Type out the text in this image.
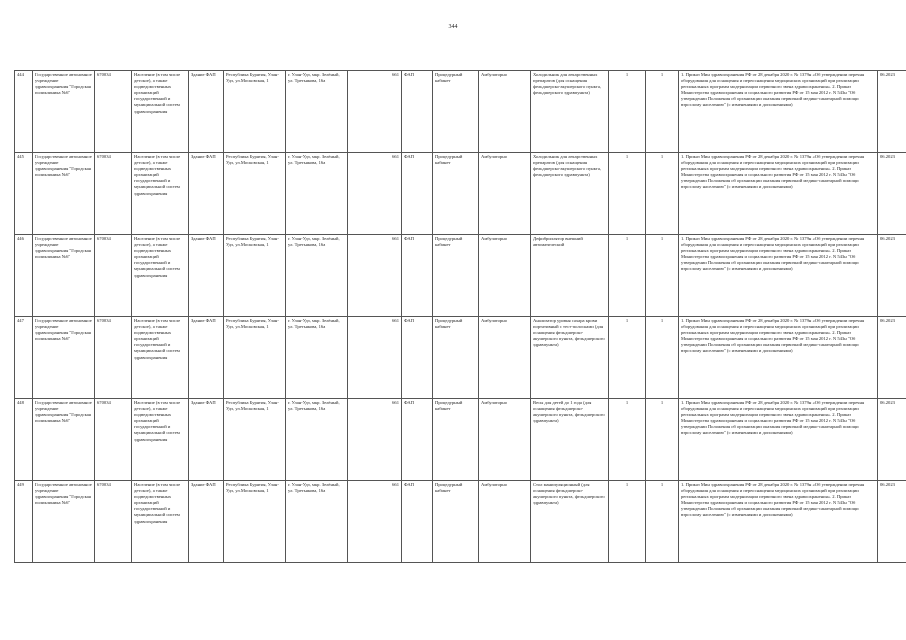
344
444	Государственное автономное учреждение здравоохранения "Городская поликлиника №6"	670034	Население (в том числе детское), а также подведомственных организаций государственной и муниципальной систем здравоохранения	Здание ФАП	Республика Бурятия, Улан-Удэ, ул.Московская, 1	г. Улан-Удэ, мкр. Зелёный, ул. Третьякова, 16а	661	ФАП	Процедурный кабинет	Амбулаторно	Холодильник для лекарственных препаратов (для оснащения фельдшерско-акушерского пункта, фельдшерского здравпункта)	1	1	1. Приказ Мин здравоохранения РФ от 28 декабря 2020 г. № 1379н «Об утверждении перечня оборудования для оснащения и переоснащения медицинских организаций при реализации региональных программ модернизации первичного звена здравоохранения». 2. Приказ Министерства здравоохранения и социального развития РФ от 15 мая 2012 г. N 543н "Об утверждении Положения об организации оказания первичной медико-санитарной помощи взрослому населению" (с изменениями и дополнениями)	06.2023
445	Государственное автономное учреждение здравоохранения "Городская поликлиника №6"	670034	Население (в том числе детское), а также подведомственных организаций государственной и муниципальной систем здравоохранения	Здание ФАП	Республика Бурятия, Улан-Удэ, ул.Московская, 1	г. Улан-Удэ, мкр. Зелёный, ул. Третьякова, 16а	661	ФАП	Процедурный кабинет	Амбулаторно	Холодильник для лекарственных препаратов (для оснащения фельдшерско-акушерского пункта, фельдшерского здравпункта)	1	1	1. Приказ Мин здравоохранения РФ от 28 декабря 2020 г. № 1379н «Об утверждении перечня оборудования для оснащения и переоснащения медицинских организаций при реализации региональных программ модернизации первичного звена здравоохранения». 2. Приказ Министерства здравоохранения и социального развития РФ от 15 мая 2012 г. N 543н "Об утверждении Положения об организации оказания первичной медико-санитарной помощи взрослому населению" (с изменениями и дополнениями)	06.2023
446	Государственное автономное учреждение здравоохранения "Городская поликлиника №6"	670034	Население (в том числе детское), а также подведомственных организаций государственной и муниципальной систем здравоохранения	Здание ФАП	Республика Бурятия, Улан-Удэ, ул.Московская, 1	г. Улан-Удэ, мкр. Зелёный, ул. Третьякова, 16а	661	ФАП	Процедурный кабинет	Амбулаторно	Дефибриллятор внешний автоматический	1	1	1. Приказ Мин здравоохранения РФ от 28 декабря 2020 г. № 1379н «Об утверждении перечня оборудования для оснащения и переоснащения медицинских организаций при реализации региональных программ модернизации первичного звена здравоохранения». 2. Приказ Министерства здравоохранения и социального развития РФ от 15 мая 2012 г. N 543н "Об утверждении Положения об организации оказания первичной медико-санитарной помощи взрослому населению" (с изменениями и дополнениями)	06.2023
447	Государственное автономное учреждение здравоохранения "Городская поликлиника №6"	670034	Население (в том числе детское), а также подведомственных организаций государственной и муниципальной систем здравоохранения	Здание ФАП	Республика Бурятия, Улан-Удэ, ул.Московская, 1	г. Улан-Удэ, мкр. Зелёный, ул. Третьякова, 16а	661	ФАП	Процедурный кабинет	Амбулаторно	Анализатор уровня сахара крови портативный с тест-полосками (для оснащения фельдшерско-акушерского пункта, фельдшерского здравпункта)	1	1	1. Приказ Мин здравоохранения РФ от 28 декабря 2020 г. № 1379н «Об утверждении перечня оборудования для оснащения и переоснащения медицинских организаций при реализации региональных программ модернизации первичного звена здравоохранения». 2. Приказ Министерства здравоохранения и социального развития РФ от 15 мая 2012 г. N 543н "Об утверждении Положения об организации оказания первичной медико-санитарной помощи взрослому населению" (с изменениями и дополнениями)	06.2023
448	Государственное автономное учреждение здравоохранения "Городская поликлиника №6"	670034	Население (в том числе детское), а также подведомственных организаций государственной и муниципальной систем здравоохранения	Здание ФАП	Республика Бурятия, Улан-Удэ, ул.Московская, 1	г. Улан-Удэ, мкр. Зелёный, ул. Третьякова, 16а	661	ФАП	Процедурный кабинет	Амбулаторно	Весы для детей до 1 года (для оснащения фельдшерско-акушерского пункта, фельдшерского здравпункта)	1	1	1. Приказ Мин здравоохранения РФ от 28 декабря 2020 г. № 1379н «Об утверждении перечня оборудования для оснащения и переоснащения медицинских организаций при реализации региональных программ модернизации первичного звена здравоохранения». 2. Приказ Министерства здравоохранения и социального развития РФ от 15 мая 2012 г. N 543н "Об утверждении Положения об организации оказания первичной медико-санитарной помощи взрослому населению" (с изменениями и дополнениями)	06.2023
449	Государственное автономное учреждение здравоохранения "Городская поликлиника №6"	670034	Население (в том числе детское), а также подведомственных организаций государственной и муниципальной систем здравоохранения	Здание ФАП	Республика Бурятия, Улан-Удэ, ул.Московская, 1	г. Улан-Удэ, мкр. Зелёный, ул. Третьякова, 16а	661	ФАП	Процедурный кабинет	Амбулаторно	Стол манипуляционный (для оснащения фельдшерско-акушерского пункта, фельдшерского здравпункта)	1	1	1. Приказ Мин здравоохранения РФ от 28 декабря 2020 г. № 1379н «Об утверждении перечня оборудования для оснащения и переоснащения медицинских организаций при реализации региональных программ модернизации первичного звена здравоохранения». 2. Приказ Министерства здравоохранения и социального развития РФ от 15 мая 2012 г. N 543н "Об утверждении Положения об организации оказания первичной медико-санитарной помощи взрослому населению" (с изменениями и дополнениями)	06.2023
